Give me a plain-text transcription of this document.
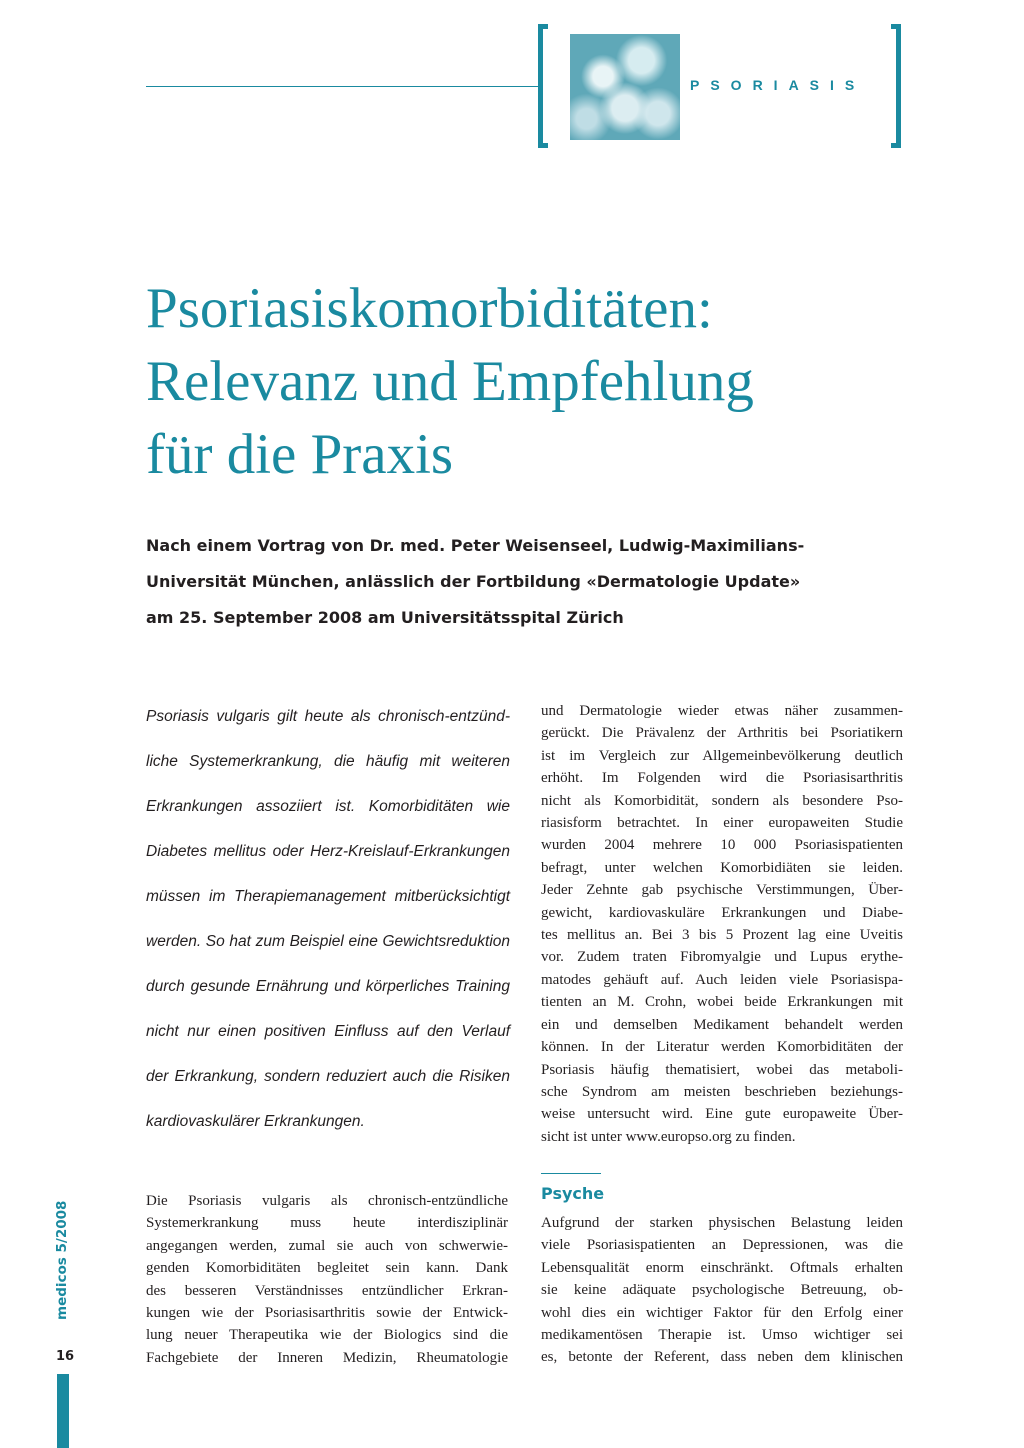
PSORIASIS
Psoriasiskomorbiditäten:
Relevanz und Empfehlung
für die Praxis
Nach einem Vortrag von Dr. med. Peter Weisenseel, Ludwig-Maximilians-
Universität München, anlässlich der Fortbildung «Dermatologie Update»
am 25. September 2008 am Universitätsspital Zürich
Psoriasis vulgaris gilt heute als chronisch-entzünd-
liche Systemerkrankung, die häufig mit weiteren
Erkrankungen assoziiert ist. Komorbiditäten wie
Diabetes mellitus oder Herz-Kreislauf-Erkrankungen
müssen im Therapiemanagement mitberücksichtigt
werden. So hat zum Beispiel eine Gewichtsreduktion
durch gesunde Ernährung und körperliches Training
nicht nur einen positiven Einfluss auf den Verlauf
der Erkrankung, sondern reduziert auch die Risiken
kardiovaskulärer Erkrankungen.
und Dermatologie wieder etwas näher zusammen-
gerückt. Die Prävalenz der Arthritis bei Psoriatikern
ist im Vergleich zur Allgemeinbevölkerung deutlich
erhöht. Im Folgenden wird die Psoriasisarthritis
nicht als Komorbidität, sondern als besondere Pso-
riasisform betrachtet. In einer europaweiten Studie
wurden 2004 mehrere 10 000 Psoriasispatienten
befragt, unter welchen Komorbidiäten sie leiden.
Jeder Zehnte gab psychische Verstimmungen, Über-
gewicht, kardiovaskuläre Erkrankungen und Diabe-
tes mellitus an. Bei 3 bis 5 Prozent lag eine Uveitis
vor. Zudem traten Fibromyalgie und Lupus erythe-
matodes gehäuft auf. Auch leiden viele Psoriasispa-
tienten an M. Crohn, wobei beide Erkrankungen mit
ein und demselben Medikament behandelt werden
können. In der Literatur werden Komorbiditäten der
Psoriasis häufig thematisiert, wobei das metaboli-
sche Syndrom am meisten beschrieben beziehungs-
weise untersucht wird. Eine gute europaweite Über-
sicht ist unter www.europso.org zu finden.
Die Psoriasis vulgaris als chronisch-entzündliche
Systemerkrankung muss heute interdisziplinär
angegangen werden, zumal sie auch von schwerwie-
genden Komorbiditäten begleitet sein kann. Dank
des besseren Verständnisses entzündlicher Erkran-
kungen wie der Psoriasisarthritis sowie der Entwick-
lung neuer Therapeutika wie der Biologics sind die
Fachgebiete der Inneren Medizin, Rheumatologie
Psyche
Aufgrund der starken physischen Belastung leiden
viele Psoriasispatienten an Depressionen, was die
Lebensqualität enorm einschränkt. Oftmals erhalten
sie keine adäquate psychologische Betreuung, ob-
wohl dies ein wichtiger Faktor für den Erfolg einer
medikamentösen Therapie ist. Umso wichtiger sei
es, betonte der Referent, dass neben dem klinischen
medicos 5/2008
16
